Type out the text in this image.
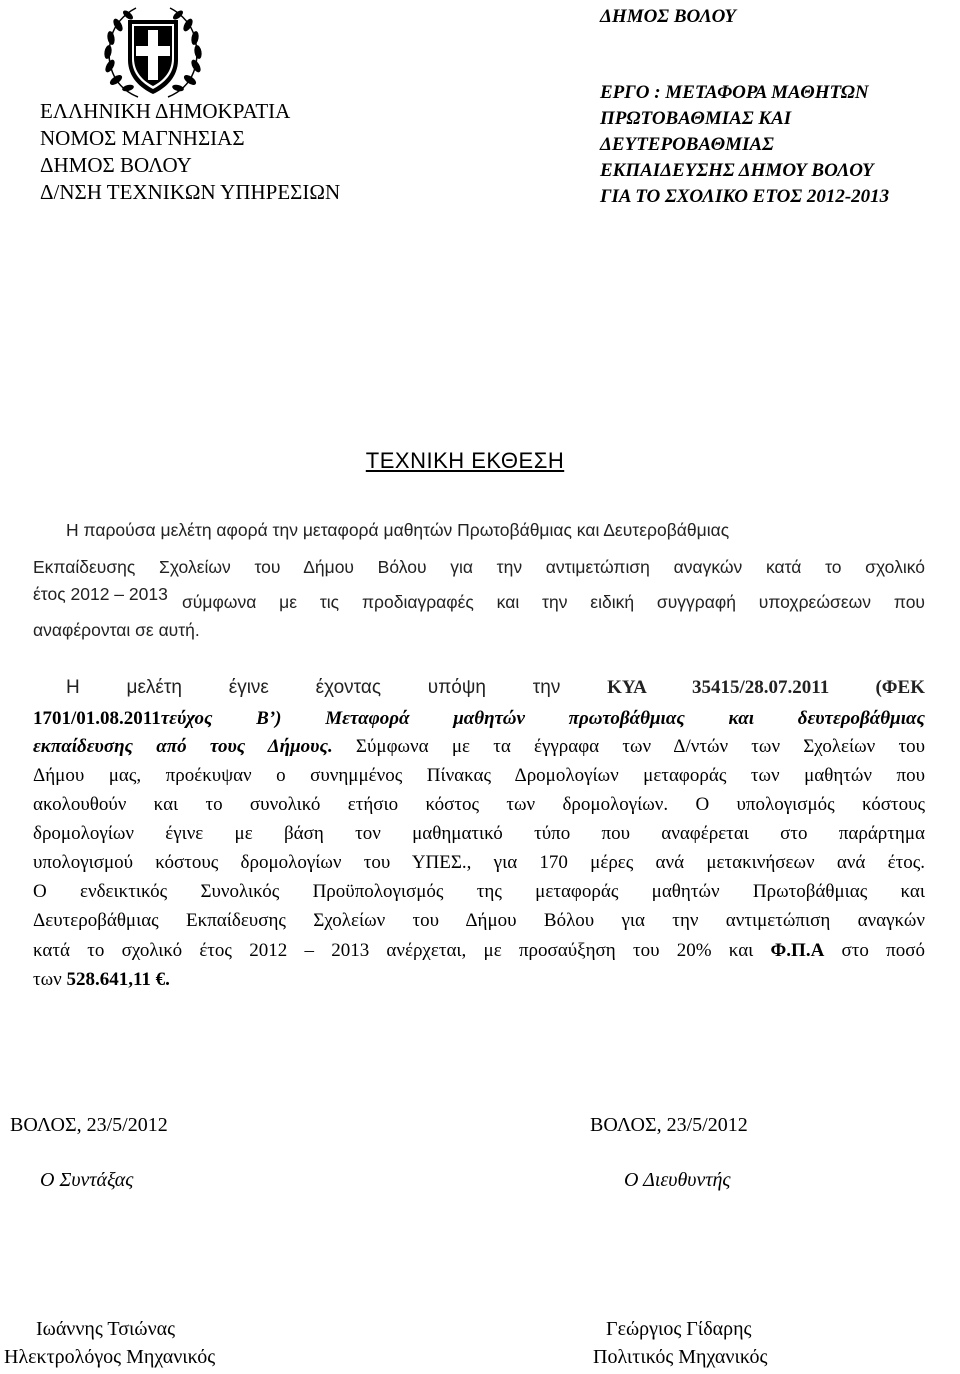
ΕΛΛΗΝΙΚΗ ΔΗΜΟΚΡΑΤΙΑ
ΝΟΜΟΣ ΜΑΓΝΗΣΙΑΣ
ΔΗΜΟΣ ΒΟΛΟΥ
Δ/ΝΣΗ ΤΕΧΝΙΚΩΝ ΥΠΗΡΕΣΙΩΝ
ΔΗΜΟΣ ΒΟΛΟΥ
ΕΡΓΟ : ΜΕΤΑΦΟΡΑ ΜΑΘΗΤΩΝ
ΠΡΩΤΟΒΑΘΜΙΑΣ ΚΑΙ
ΔΕΥΤΕΡΟΒΑΘΜΙΑΣ
ΕΚΠΑΙΔΕΥΣΗΣ ΔΗΜΟΥ ΒΟΛΟΥ
ΓΙΑ ΤΟ ΣΧΟΛΙΚΟ ΕΤΟΣ 2012-2013
ΤΕΧΝΙΚΗ ΕΚΘΕΣΗ
Η παρούσα μελέτη αφορά την μεταφορά μαθητών Πρωτοβάθμιας και Δευτεροβάθμιας
Εκπαίδευσης Σχολείων του Δήμου Βόλου για την αντιμετώπιση αναγκών κατά το σχολικό
έτος 2012 – 2013 σύμφωνα με τις προδιαγραφές και την ειδική συγγραφή υποχρεώσεων που
αναφέρονται σε αυτή.
Η μελέτη έγινε έχοντας υπόψη την ΚΥΑ 35415/28.07.2011 (ΦΕΚ
1701/01.08.2011τεύχος Β’) Μεταφορά μαθητών πρωτοβάθμιας και δευτεροβάθμιας
εκπαίδευσης από τους Δήμους. Σύμφωνα με τα έγγραφα των Δ/ντών των Σχολείων του
Δήμου μας, προέκυψαν ο συνημμένος Πίνακας Δρομολογίων μεταφοράς των μαθητών που
ακολουθούν και το συνολικό ετήσιο κόστος των δρομολογίων. Ο υπολογισμός κόστους
δρομολογίων έγινε με βάση τον μαθηματικό τύπο που αναφέρεται στο παράρτημα
υπολογισμού κόστους δρομολογίων του ΥΠΕΣ., για 170 μέρες ανά μετακινήσεων ανά έτος.
Ο ενδεικτικός Συνολικός Προϋπολογισμός της μεταφοράς μαθητών Πρωτοβάθμιας και
Δευτεροβάθμιας Εκπαίδευσης Σχολείων του Δήμου Βόλου για την αντιμετώπιση αναγκών
κατά το σχολικό έτος 2012 – 2013 ανέρχεται, με προσαύξηση του 20% και Φ.Π.Α στο ποσό
των 528.641,11 €.
ΒΟΛΟΣ, 23/5/2012
Ο Συντάξας
Ιωάννης Τσιώνας
Ηλεκτρολόγος Μηχανικός
ΒΟΛΟΣ, 23/5/2012
Ο Διευθυντής
Γεώργιος Γίδαρης
Πολιτικός Μηχανικός
